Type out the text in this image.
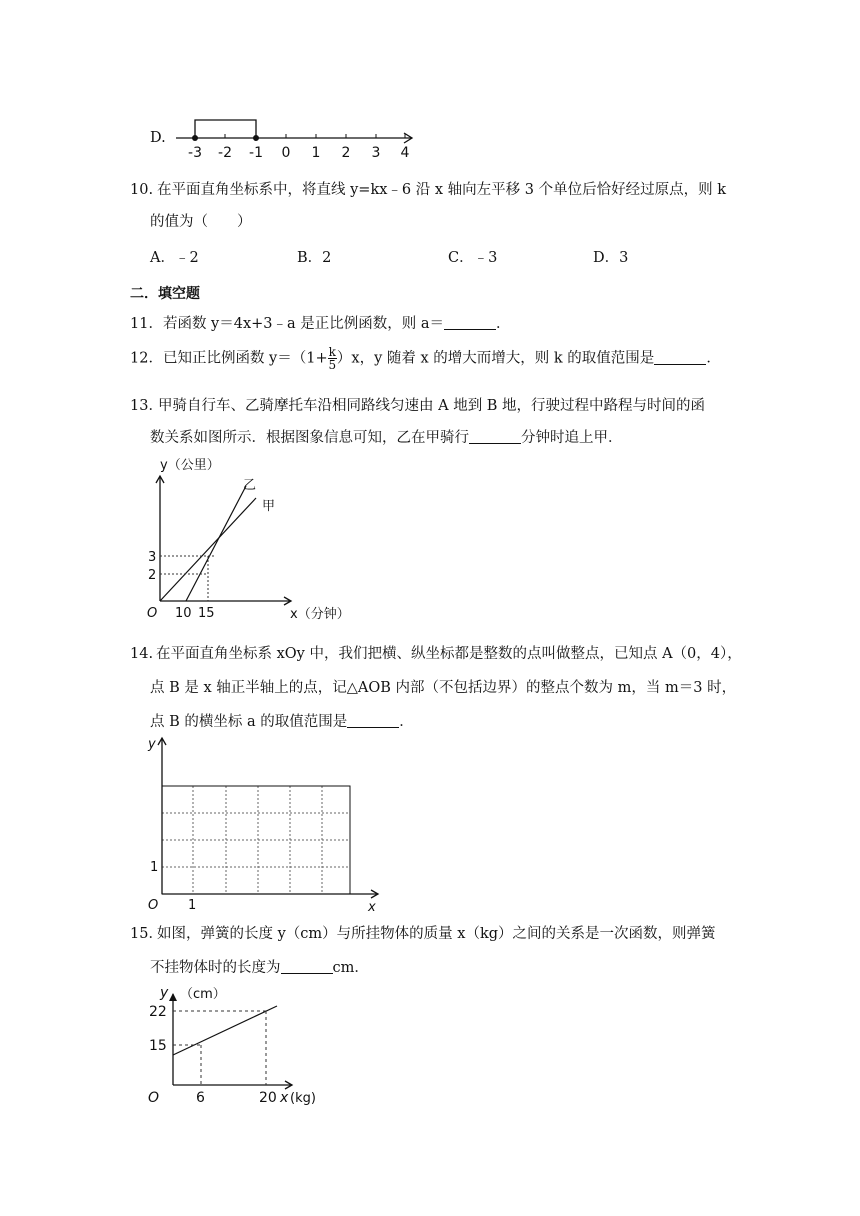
D.
-3 -2 -1 0 1 2 3 4
10. 在平面直角坐标系中，将直线 y=kx﹣6 沿 x 轴向左平移 3 个单位后恰好经过原点，则 k
的值为（　　）
A．﹣2	B．2	C．﹣3	D．3
二．填空题
11．若函数 y＝4x+3﹣a 是正比例函数，则 a＝	．
12．已知正比例函数 $y=(1+ \frac{k}{5} )x$，y 随着 x 的增大而增大，则 k 的取值范围是	．
13．
甲骑自行车、乙骑摩托车沿相同路线匀速由 A 地到 B 地，行驶过程中路程与时间的函
数关系如图所示．根据图象信息可知，乙在甲骑行	分钟时追上甲．
y（公里）
乙
甲
3
2
O 10 15	x（分钟）
14. 在平面直角坐标系 xOy 中，我们把横、纵坐标都是整数的点叫做整点，已知点 A（0，4），
点 B 是 x 轴正半轴上的点，记△AOB 内部（不包括边界）的整点个数为 m，当 m＝3 时，
点 B 的横坐标 a 的取值范围是	．
y
1
O 1	x
15．
如图，弹簧的长度 y（cm）与所挂物体的质量 x（kg）之间的关系是一次函数，则弹簧
不挂物体时的长度为	cm．
y （cm）
22
15
O	6	20 x (kg)
